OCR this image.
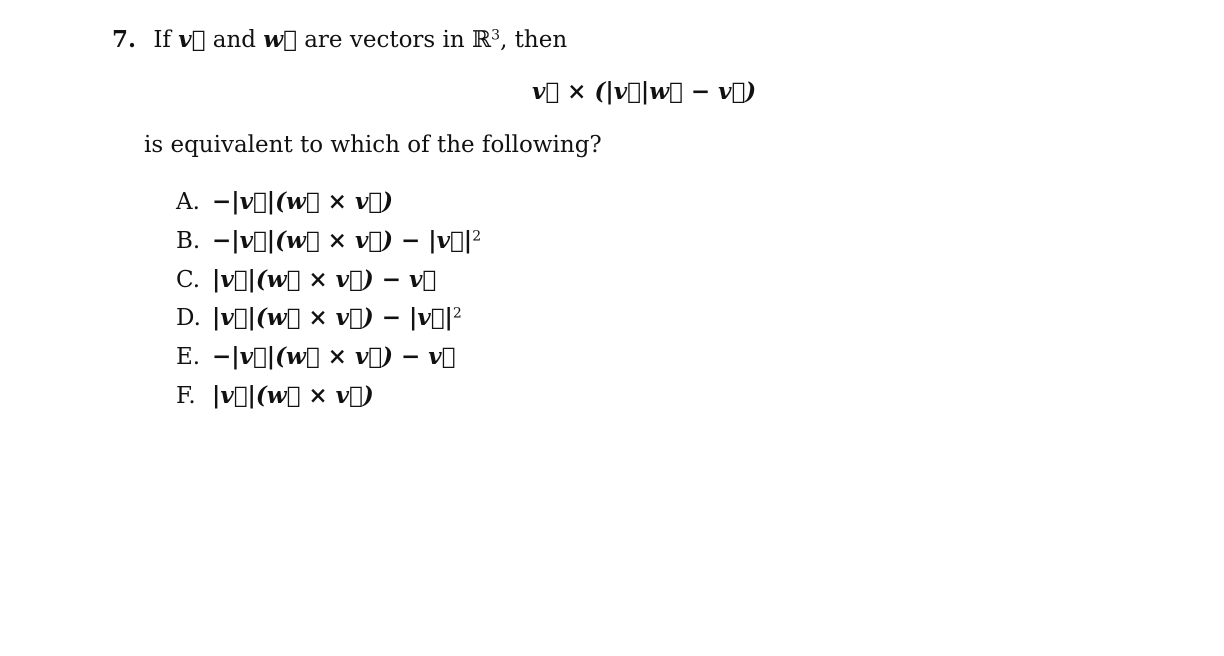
7. If v⃗ and w⃗ are vectors in ℝ$^3$, then
v⃗ × (|v⃗|w⃗ − v⃗)
is equivalent to which of the following?
A. −|v⃗|(w⃗ × v⃗)
B. −|v⃗|(w⃗ × v⃗) − $|v⃗|^2$
C. |v⃗|(w⃗ × v⃗) − v⃗
D. |v⃗|(w⃗ × v⃗) − $|v⃗|^2$
E. −|v⃗|(w⃗ × v⃗) − v⃗
F. |v⃗|(w⃗ × v⃗)
